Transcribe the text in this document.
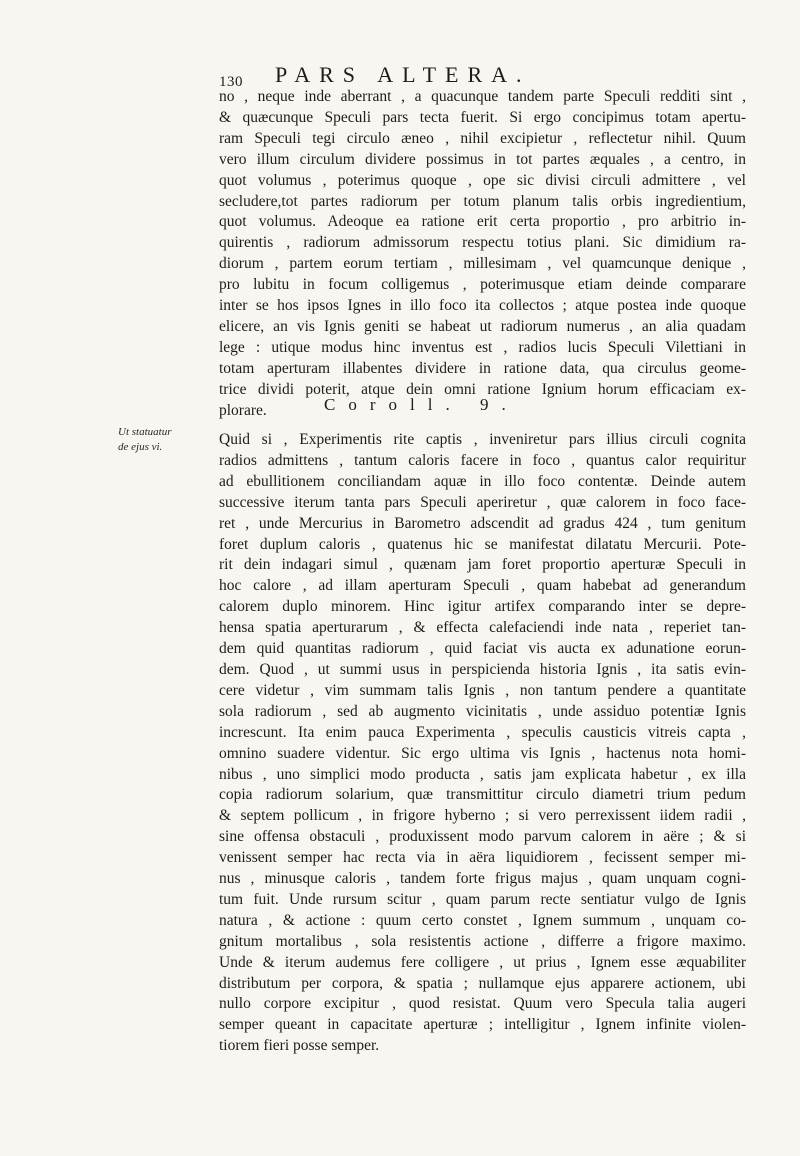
130 PARS ALTERA.
no , neque inde aberrant , a quacunque tandem parte Speculi redditi sint ,
& quæcunque Speculi pars tecta fuerit. Si ergo concipimus totam apertu-
ram Speculi tegi circulo æneo , nihil excipietur , reflectetur nihil. Quum
vero illum circulum dividere possimus in tot partes æquales , a centro, in
quot volumus , poterimus quoque , ope sic divisi circuli admittere , vel
secludere,tot partes radiorum per totum planum talis orbis ingredientium,
quot volumus. Adeoque ea ratione erit certa proportio , pro arbitrio in-
quirentis , radiorum admissorum respectu totius plani. Sic dimidium ra-
diorum , partem eorum tertiam , millesimam , vel quamcunque denique ,
pro lubitu in focum colligemus , poterimusque etiam deinde comparare
inter se hos ipsos Ignes in illo foco ita collectos ; atque postea inde quoque
elicere, an vis Ignis geniti se habeat ut radiorum numerus , an alia quadam
lege : utique modus hinc inventus est , radios lucis Speculi Vilettiani in
totam aperturam illabentes dividere in ratione data, qua circulus geome-
trice dividi poterit, atque dein omni ratione Ignium horum efficaciam ex-
plorare.	Coroll. 9.
Ut statuatur
de ejus vi.	Quid si , Experimentis rite captis , inveniretur pars illius circuli cognita
radios admittens , tantum caloris facere in foco , quantus calor requiritur
ad ebullitionem conciliandam aquæ in illo foco contentæ. Deinde autem
successive iterum tanta pars Speculi aperiretur , quæ calorem in foco face-
ret , unde Mercurius in Barometro adscendit ad gradus 424 , tum genitum
foret duplum caloris , quatenus hic se manifestat dilatatu Mercurii. Pote-
rit dein indagari simul , quænam jam foret proportio aperturæ Speculi in
hoc calore , ad illam aperturam Speculi , quam habebat ad generandum
calorem duplo minorem. Hinc igitur artifex comparando inter se depre-
hensa spatia aperturarum , & effecta calefaciendi inde nata , reperiet tan-
dem quid quantitas radiorum , quid faciat vis aucta ex adunatione eorun-
dem. Quod , ut summi usus in perspicienda historia Ignis , ita satis evin-
cere videtur , vim summam talis Ignis , non tantum pendere a quantitate
sola radiorum , sed ab augmento vicinitatis , unde assiduo potentiæ Ignis
increscunt. Ita enim pauca Experimenta , speculis causticis vitreis capta ,
omnino suadere videntur. Sic ergo ultima vis Ignis , hactenus nota homi-
nibus , uno simplici modo producta , satis jam explicata habetur , ex illa
copia radiorum solarium, quæ transmittitur circulo diametri trium pedum
& septem pollicum , in frigore hyberno ; si vero perrexissent iidem radii ,
sine offensa obstaculi , produxissent modo parvum calorem in aëre ; & si
venissent semper hac recta via in aëra liquidiorem , fecissent semper mi-
nus , minusque caloris , tandem forte frigus majus , quam unquam cogni-
tum fuit. Unde rursum scitur , quam parum recte sentiatur vulgo de Ignis
natura , & actione : quum certo constet , Ignem summum , unquam co-
gnitum mortalibus , sola resistentis actione , differre a frigore maximo.
Unde & iterum audemus fere colligere , ut prius , Ignem esse æquabiliter
distributum per corpora, & spatia ; nullamque ejus apparere actionem, ubi
nullo corpore excipitur , quod resistat. Quum vero Specula talia augeri
semper queant in capacitate aperturæ ; intelligitur , Ignem infinite violen-
tiorem fieri posse semper.
